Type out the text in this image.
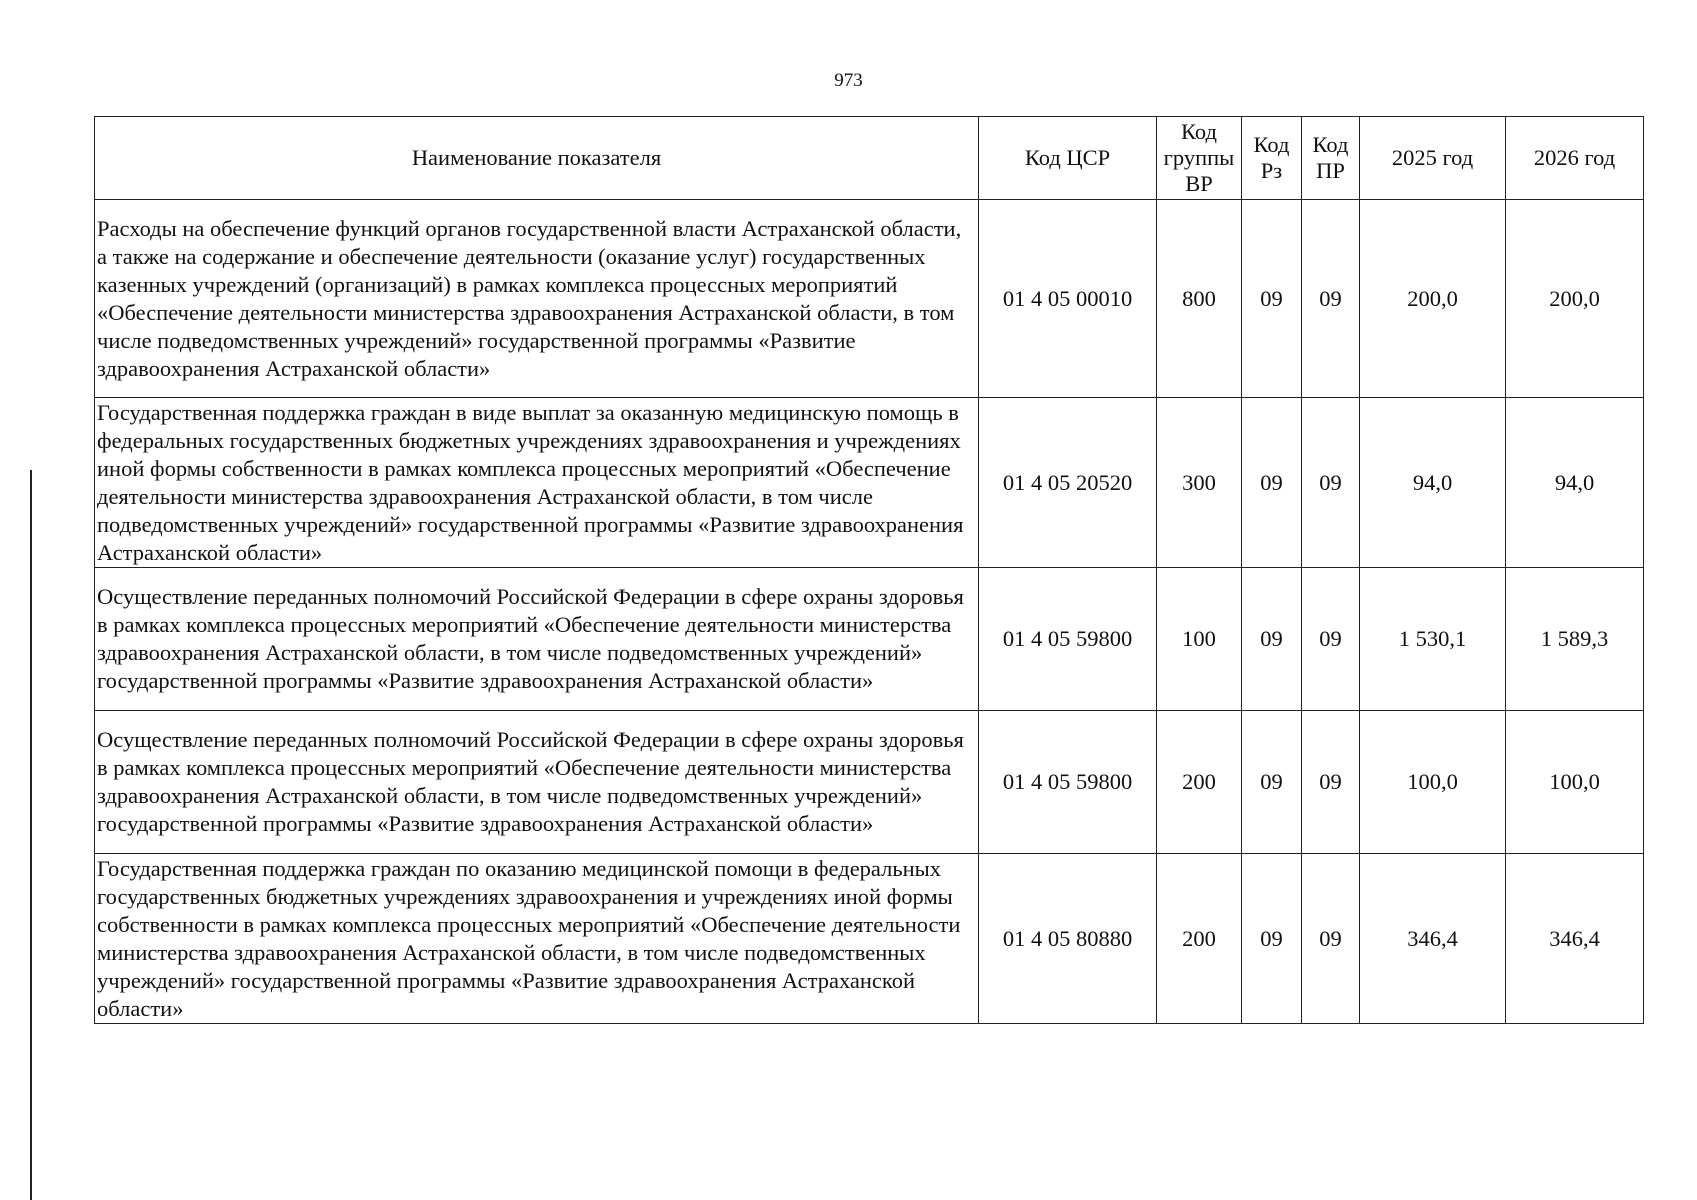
973
Наименование показателя	Код ЦСР	Код группы ВР	Код Рз	Код ПР	2025 год	2026 год
Расходы на обеспечение функций органов государственной власти Астраханской области, а также на содержание и обеспечение деятельности (оказание услуг) государственных казенных учреждений (организаций) в рамках комплекса процессных мероприятий «Обеспечение деятельности министерства здравоохранения Астраханской области, в том числе подведомственных учреждений» государственной программы «Развитие здравоохранения Астраханской области»	01 4 05 00010	800	09	09	200,0	200,0
Государственная поддержка граждан в виде выплат за оказанную медицинскую помощь в федеральных государственных бюджетных учреждениях здравоохранения и учреждениях иной формы собственности в рамках комплекса процессных мероприятий «Обеспечение деятельности министерства здравоохранения Астраханской области, в том числе подведомственных учреждений» государственной программы «Развитие здравоохранения Астраханской области»	01 4 05 20520	300	09	09	94,0	94,0
Осуществление переданных полномочий Российской Федерации в сфере охраны здоровья в рамках комплекса процессных мероприятий «Обеспечение деятельности министерства здравоохранения Астраханской области, в том числе подведомственных учреждений» государственной программы «Развитие здравоохранения Астраханской области»	01 4 05 59800	100	09	09	1 530,1	1 589,3
Осуществление переданных полномочий Российской Федерации в сфере охраны здоровья в рамках комплекса процессных мероприятий «Обеспечение деятельности министерства здравоохранения Астраханской области, в том числе подведомственных учреждений» государственной программы «Развитие здравоохранения Астраханской области»	01 4 05 59800	200	09	09	100,0	100,0
Государственная поддержка граждан по оказанию медицинской помощи в федеральных государственных бюджетных учреждениях здравоохранения и учреждениях иной формы собственности в рамках комплекса процессных мероприятий «Обеспечение деятельности министерства здравоохранения Астраханской области, в том числе подведомственных учреждений» государственной программы «Развитие здравоохранения Астраханской области»	01 4 05 80880	200	09	09	346,4	346,4
